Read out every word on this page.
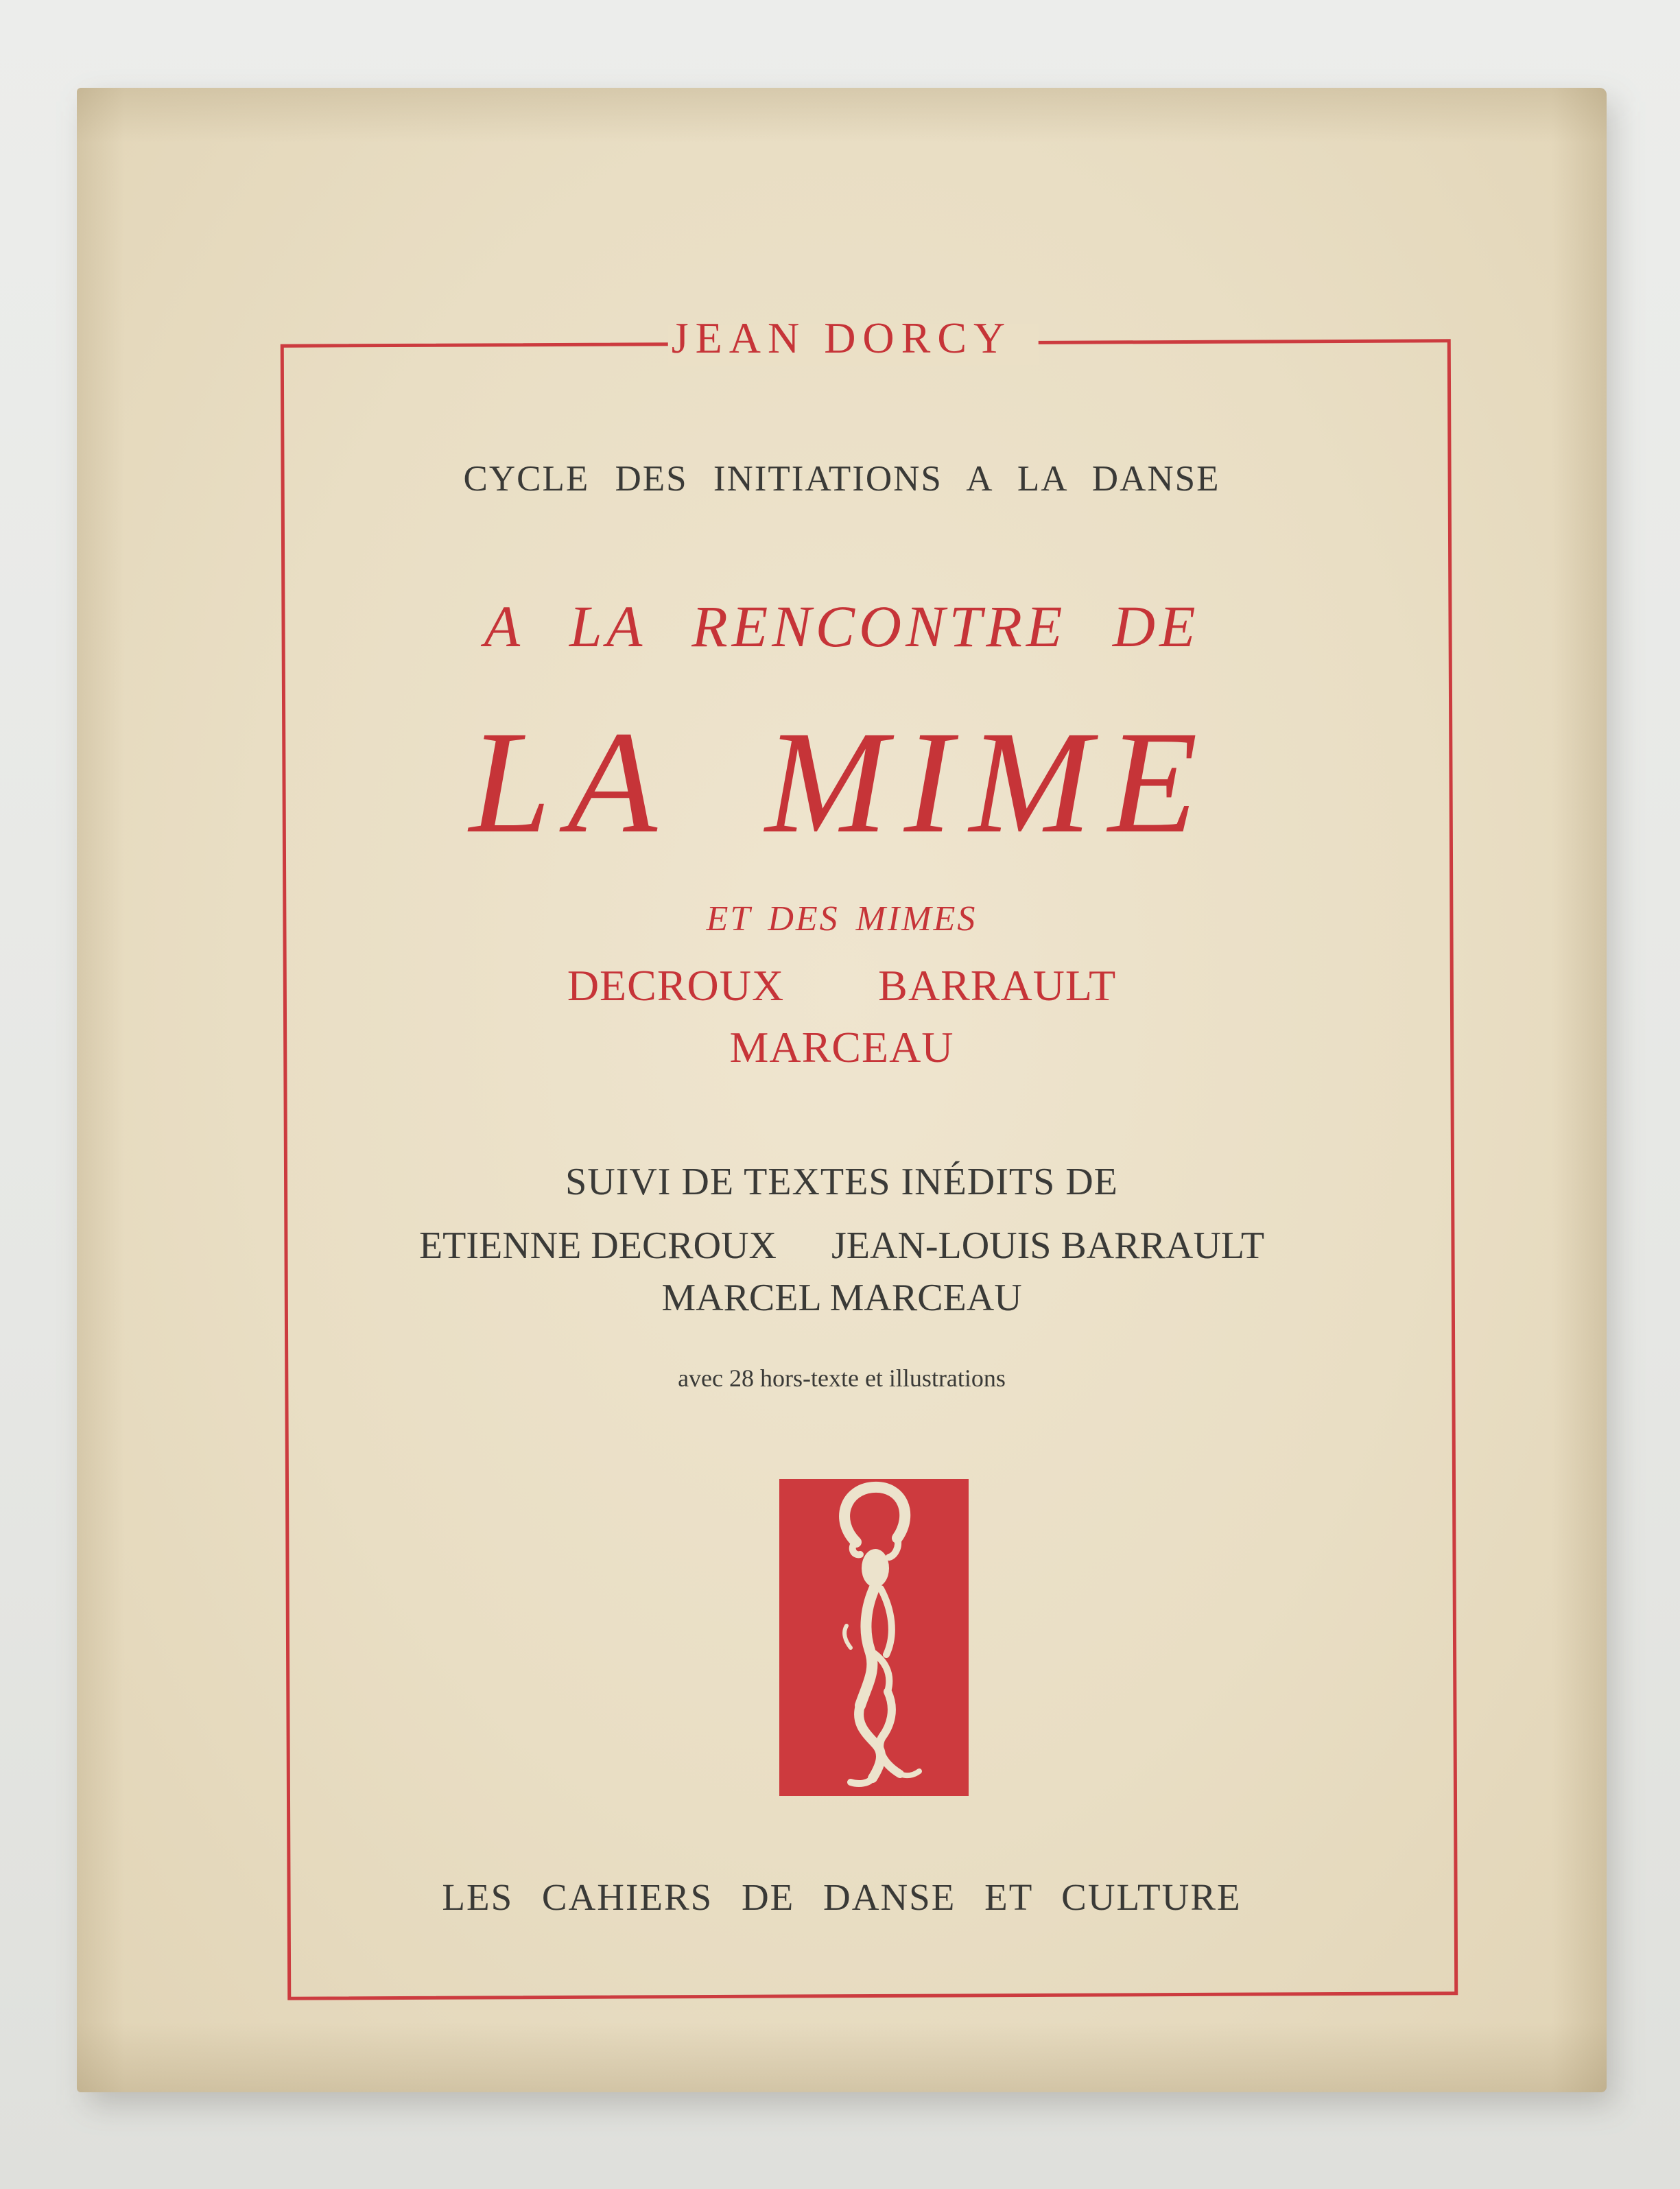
JEAN DORCY

CYCLE DES INITIATIONS A LA DANSE

A LA RENCONTRE DE

LA MIME

ET DES MIMES

DECROUX BARRAULT

MARCEAU

SUIVI DE TEXTES INÉDITS DE

ETIENNE DECROUX JEAN-LOUIS BARRAULT

MARCEL MARCEAU

avec 28 hors-texte et illustrations

LES CAHIERS DE DANSE ET CULTURE
